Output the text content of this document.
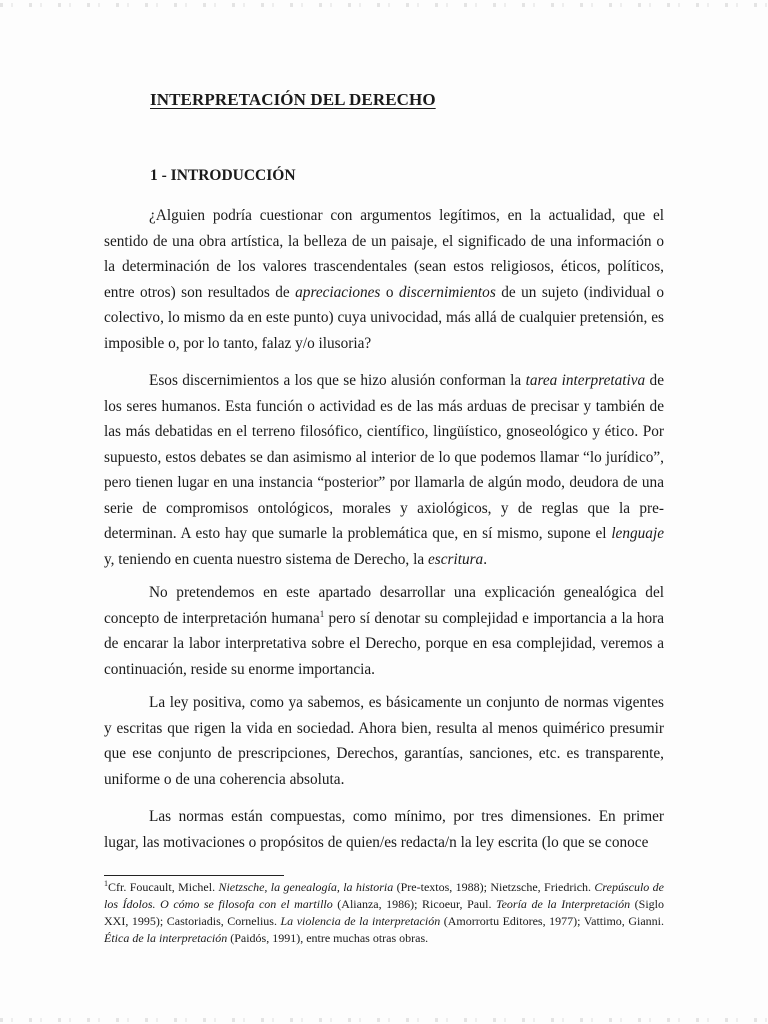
INTERPRETACIÓN DEL DERECHO
1 - INTRODUCCIÓN

¿Alguien podría cuestionar con argumentos legítimos, en la actualidad, que el sentido de una obra artística, la belleza de un paisaje, el significado de una información o la determinación de los valores trascendentales (sean estos religiosos, éticos, políticos, entre otros) son resultados de apreciaciones o discernimientos de un sujeto (individual o colectivo, lo mismo da en este punto) cuya univocidad, más allá de cualquier pretensión, es imposible o, por lo tanto, falaz y/o ilusoria?

Esos discernimientos a los que se hizo alusión conforman la tarea interpretativa de los seres humanos. Esta función o actividad es de las más arduas de precisar y también de las más debatidas en el terreno filosófico, científico, lingüístico, gnoseológico y ético. Por supuesto, estos debates se dan asimismo al interior de lo que podemos llamar “lo jurídico”, pero tienen lugar en una instancia “posterior” por llamarla de algún modo, deudora de una serie de compromisos ontológicos, morales y axiológicos, y de reglas que la pre-determinan. A esto hay que sumarle la problemática que, en sí mismo, supone el lenguaje y, teniendo en cuenta nuestro sistema de Derecho, la escritura.

No pretendemos en este apartado desarrollar una explicación genealógica del concepto de interpretación humana$^1$ pero sí denotar su complejidad e importancia a la hora de encarar la labor interpretativa sobre el Derecho, porque en esa complejidad, veremos a continuación, reside su enorme importancia.

La ley positiva, como ya sabemos, es básicamente un conjunto de normas vigentes y escritas que rigen la vida en sociedad. Ahora bien, resulta al menos quimérico presumir que ese conjunto de prescripciones, Derechos, garantías, sanciones, etc. es transparente, uniforme o de una coherencia absoluta.

Las normas están compuestas, como mínimo, por tres dimensiones. En primer lugar, las motivaciones o propósitos de quien/es redacta/n la ley escrita (lo que se conoce

$^1$Cfr. Foucault, Michel. Nietzsche, la genealogía, la historia (Pre-textos, 1988); Nietzsche, Friedrich. Crepúsculo de los Ídolos. O cómo se filosofa con el martillo (Alianza, 1986); Ricoeur, Paul. Teoría de la Interpretación (Siglo XXI, 1995); Castoriadis, Cornelius. La violencia de la interpretación (Amorrortu Editores, 1977); Vattimo, Gianni. Ética de la interpretación (Paidós, 1991), entre muchas otras obras.
